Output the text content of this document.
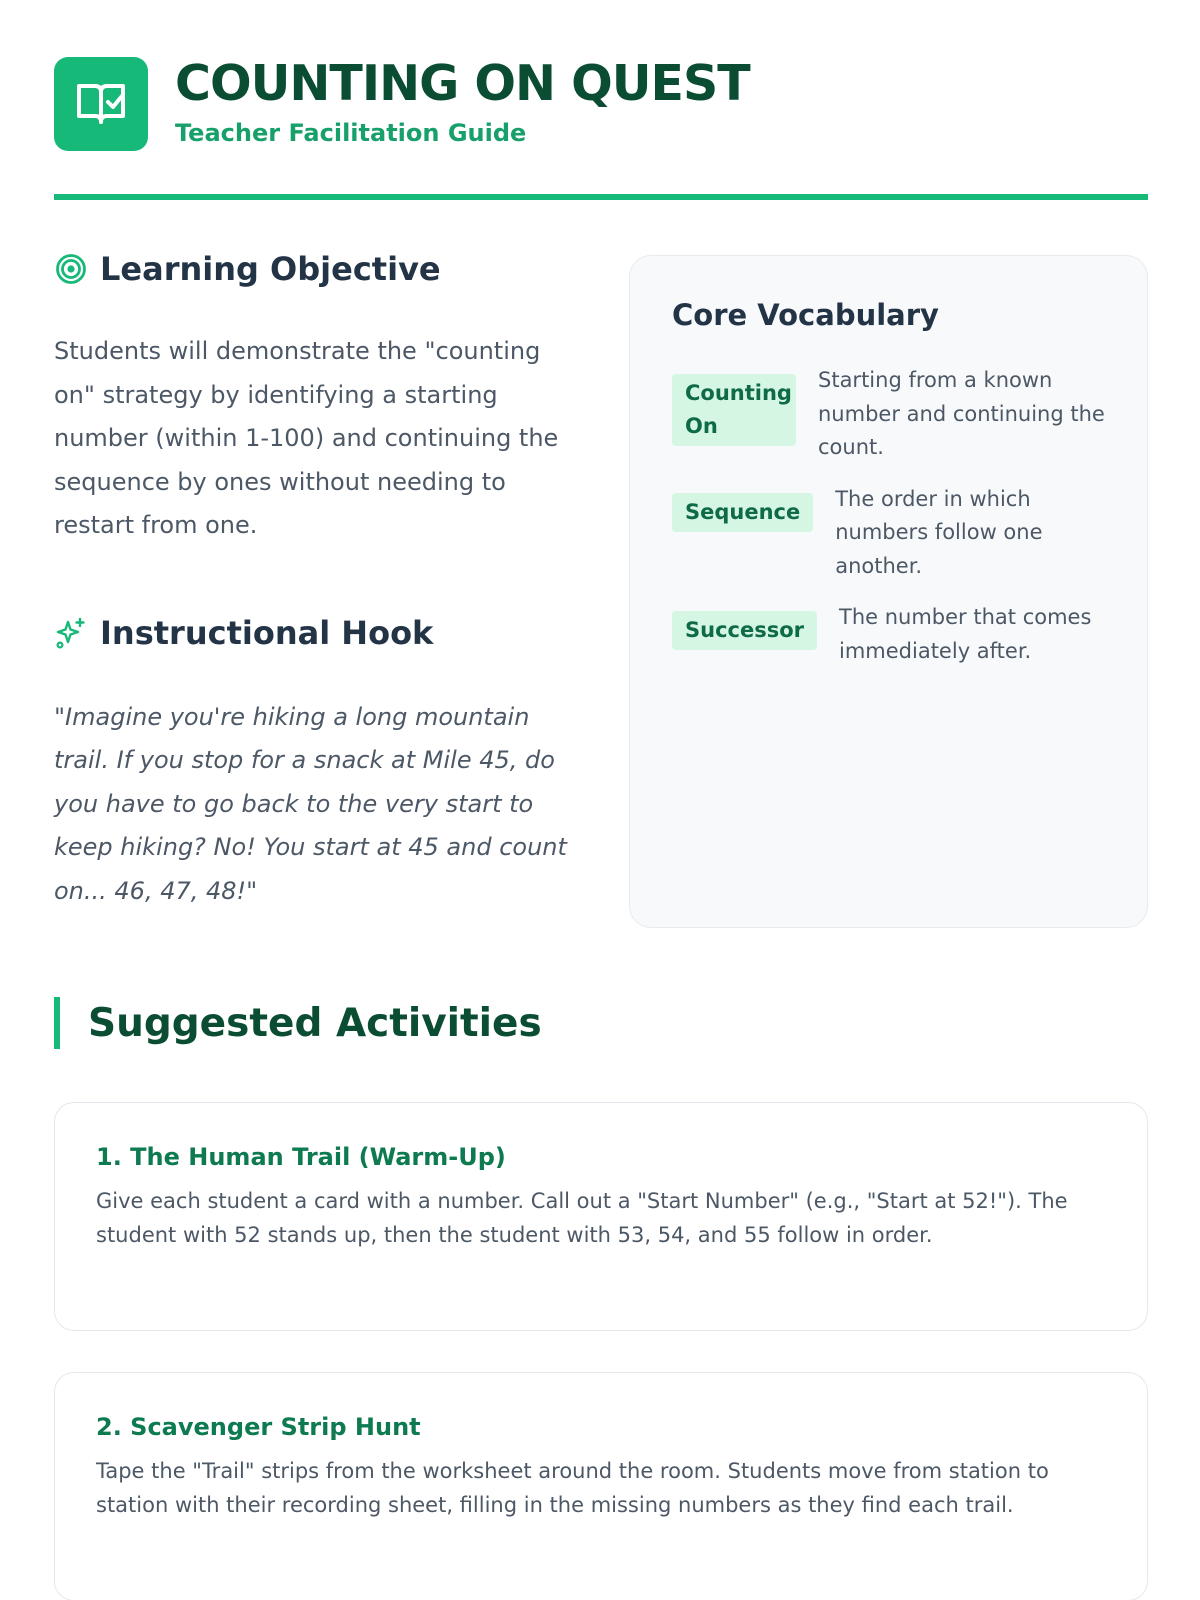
COUNTING ON QUEST
Teacher Facilitation Guide
Learning Objective

Students will demonstrate the "counting on" strategy by identifying a starting number (within 1-100) and continuing the sequence by ones without needing to restart from one.

Instructional Hook

"Imagine you're hiking a long mountain trail. If you stop for a snack at Mile 45, do you have to go back to the very start to keep hiking? No! You start at 45 and count on... 46, 47, 48!"

Core Vocabulary
Counting On
Starting from a known number and continuing the count.
Sequence
The order in which numbers follow one another.
Successor
The number that comes immediately after.
Suggested Activities
1. The Human Trail (Warm-Up)

Give each student a card with a number. Call out a "Start Number" (e.g., "Start at 52!"). The student with 52 stands up, then the student with 53, 54, and 55 follow in order.

2. Scavenger Strip Hunt

Tape the "Trail" strips from the worksheet around the room. Students move from station to station with their recording sheet, filling in the missing numbers as they find each trail.
